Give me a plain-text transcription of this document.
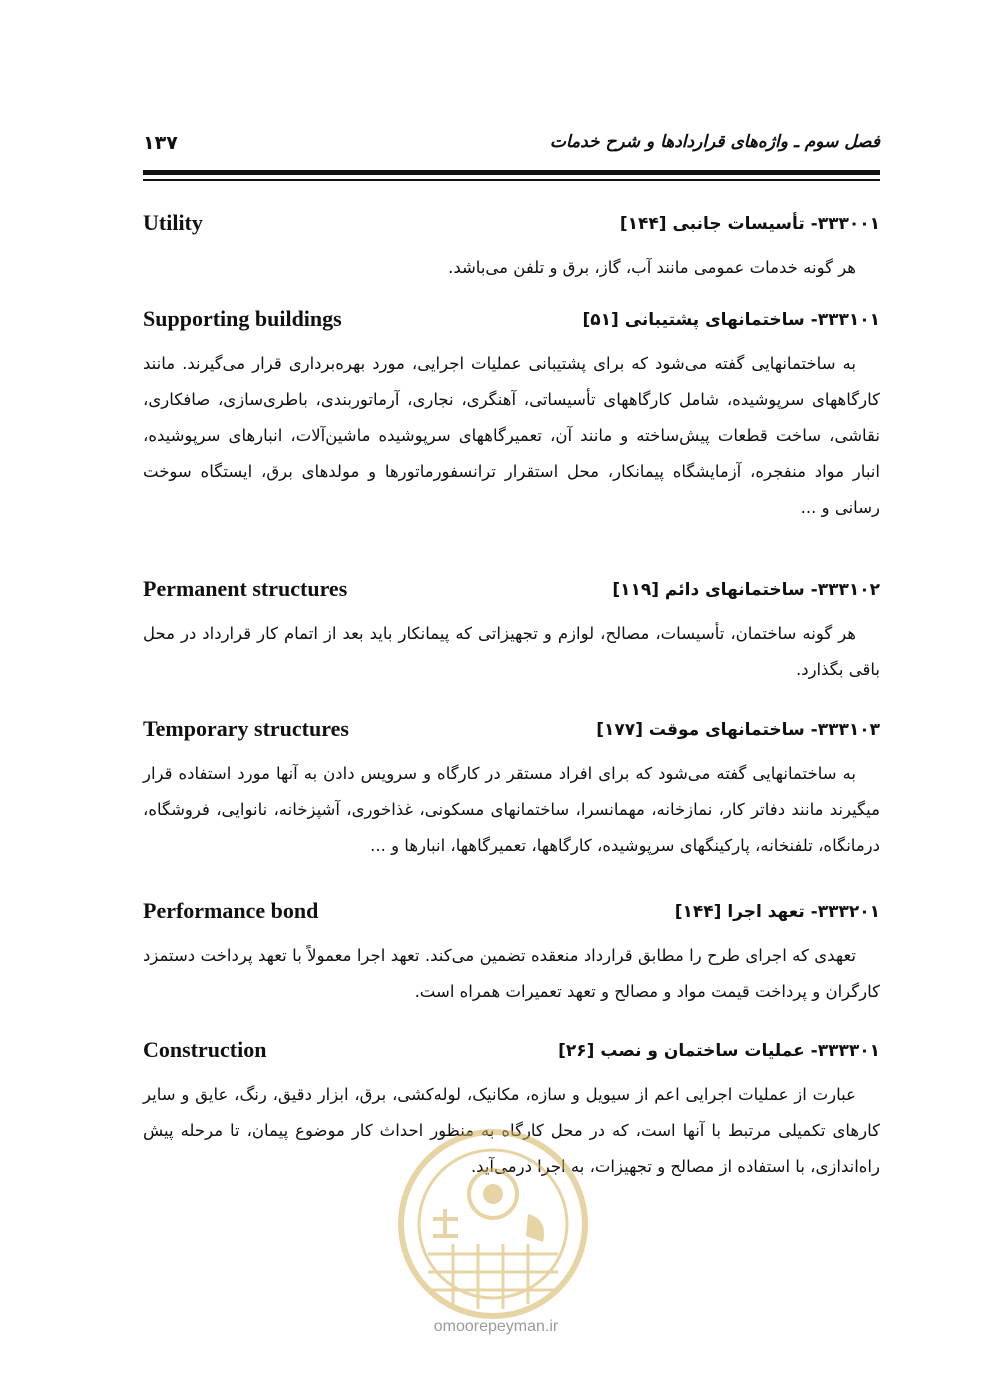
فصل سوم ـ واژه‌های قراردادها و شرح خدمات
۱۳۷
۳۳۳۰۰۱- تأسیسات جانبی [۱۴۴]
Utility
هر گونه خدمات عمومی مانند آب، گاز، برق و تلفن می‌باشد.
۳۳۳۱۰۱- ساختمانهای پشتیبانی [۵۱]
Supporting buildings
به ساختمانهایی گفته می‌شود که برای پشتیبانی عملیات اجرایی، مورد بهره‌برداری قرار می‌گیرند. مانند کارگاههای سرپوشیده، شامل کارگاههای تأسیساتی، آهنگری، نجاری، آرماتوربندی، باطری‌سازی، صافکاری، نقاشی، ساخت قطعات پیش‌ساخته و مانند آن، تعمیرگاههای سرپوشیده ماشین‌آلات، انبارهای سرپوشیده، انبار مواد منفجره، آزمایشگاه پیمانکار، محل استقرار ترانسفورماتورها و مولدهای برق، ایستگاه سوخت رسانی و ...
۳۳۳۱۰۲- ساختمانهای دائم [۱۱۹]
Permanent structures
هر گونه ساختمان، تأسیسات، مصالح، لوازم و تجهیزاتی که پیمانکار باید بعد از اتمام کار قرارداد در محل باقی بگذارد.
۳۳۳۱۰۳- ساختمانهای موقت [۱۷۷]
Temporary structures
به ساختمانهایی گفته می‌شود که برای افراد مستقر در کارگاه و سرویس دادن به آنها مورد استفاده قرار میگیرند مانند دفاتر کار، نمازخانه، مهمانسرا، ساختمانهای مسکونی، غذاخوری، آشپزخانه، نانوایی، فروشگاه، درمانگاه، تلفنخانه، پارکینگهای سرپوشیده، کارگاهها، تعمیرگاهها، انبارها و ...
۳۳۳۲۰۱- تعهد اجرا [۱۴۴]
Performance bond
تعهدی که اجرای طرح را مطابق قرارداد منعقده تضمین می‌کند. تعهد اجرا معمولاً با تعهد پرداخت دستمزد کارگران و پرداخت قیمت مواد و مصالح و تعهد تعمیرات همراه است.
۳۳۳۳۰۱- عملیات ساختمان و نصب [۲۶]
Construction
عبارت از عملیات اجرایی اعم از سیویل و سازه، مکانیک، لوله‌کشی، برق، ابزار دقیق، رنگ، عایق و سایر کارهای تکمیلی مرتبط با آنها است، که در محل کارگاه به منظور احداث کار موضوع پیمان، تا مرحله پیش راه‌اندازی، با استفاده از مصالح و تجهیزات، به اجرا درمی‌آید.
omoorepeyman.ir
